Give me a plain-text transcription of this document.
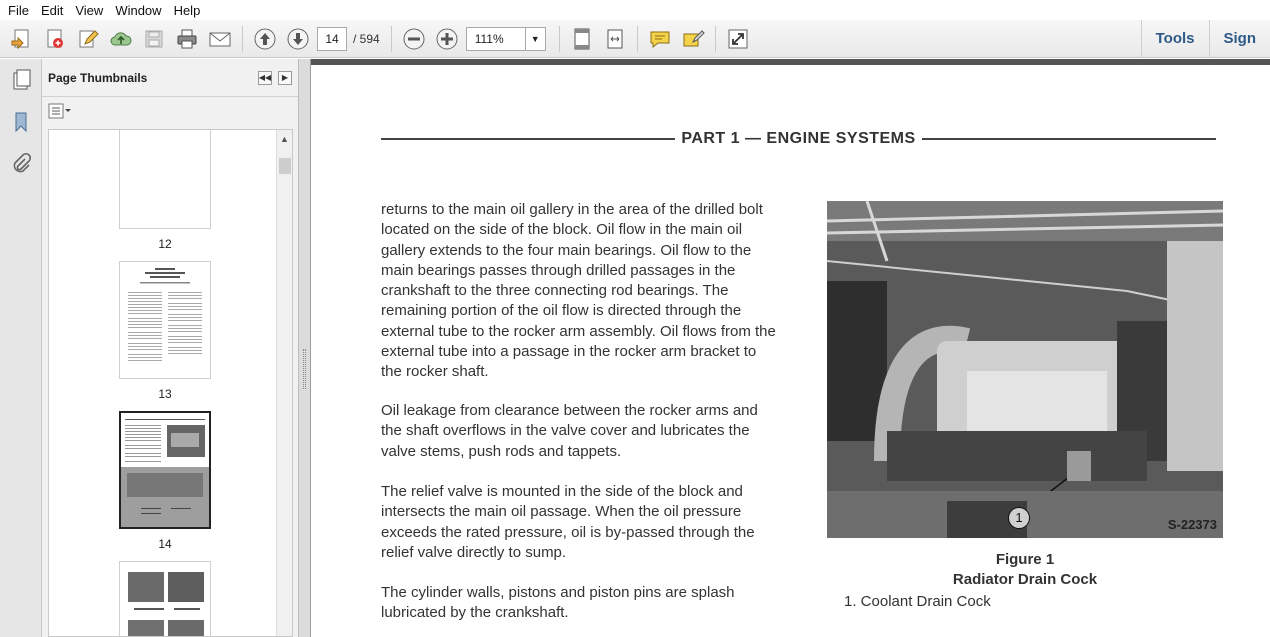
File Edit View Window Help
14	/ 594	111%	▼	Tools	Sign
Page Thumbnails	◀◀	▶
12
13
14
▲	PART 1 — ENGINE SYSTEMS

returns to the main oil gallery in the area of the drilled bolt located on the side of the block. Oil flow in the main oil gallery extends to the four main bearings. Oil flow to the main bearings passes through drilled passages in the crankshaft to the three connecting rod bearings. The remaining portion of the oil flow is directed through the external tube to the rocker arm assembly. Oil flows from the external tube into a passage in the rocker arm bracket to the rocker shaft.

Oil leakage from clearance between the rocker arms and the shaft overflows in the valve cover and lubricates the valve stems, push rods and tappets.

The relief valve is mounted in the side of the block and intersects the main oil passage. When the oil pressure exceeds the rated pressure, oil is by-passed through the relief valve directly to sump.

The cylinder walls, pistons and piston pins are splash lubricated by the crankshaft.

1	S-22373
Figure 1
Radiator Drain Cock
1. Coolant Drain Cock
